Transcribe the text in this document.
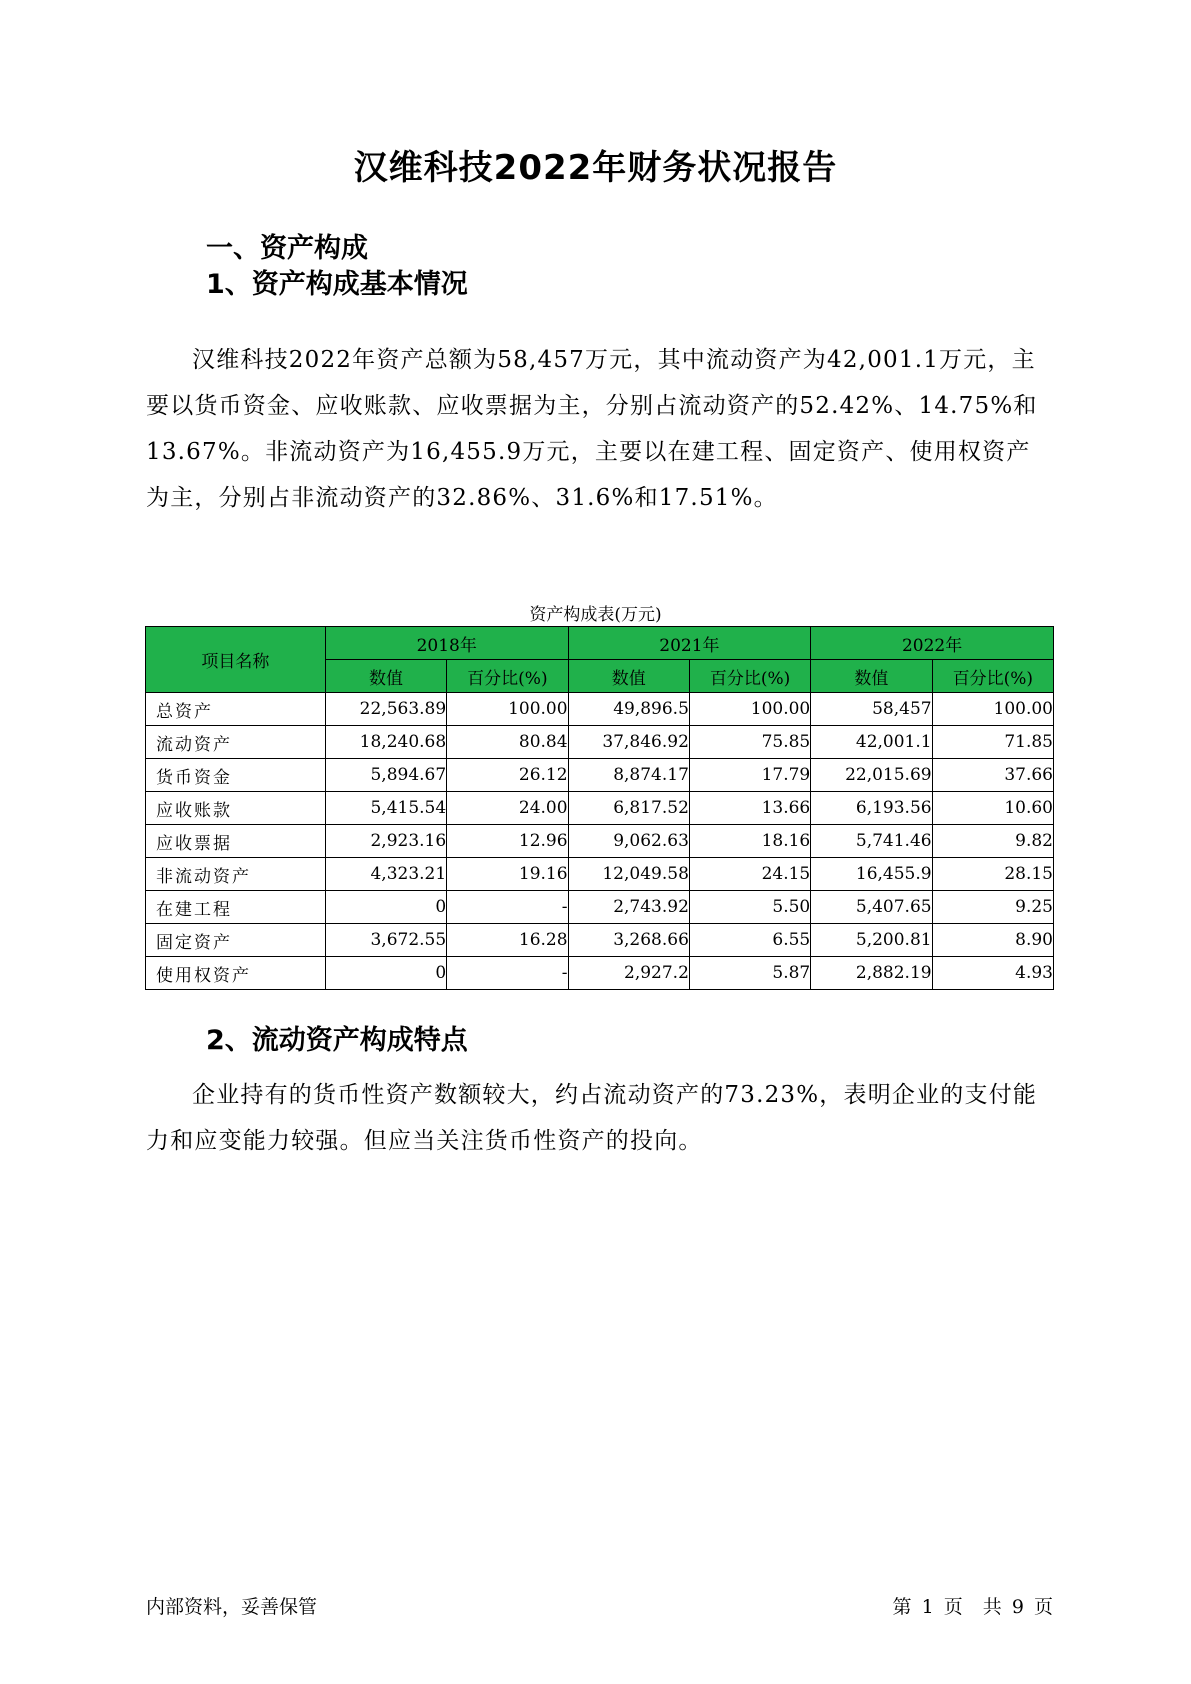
汉维科技2022年财务状况报告
一、资产构成
1、资产构成基本情况
汉维科技2022年资产总额为58,457万元，其中流动资产为42,001.1万元，主要以货币资金、应收账款、应收票据为主，分别占流动资产的52.42%、14.75%和13.67%。非流动资产为16,455.9万元，主要以在建工程、固定资产、使用权资产为主，分别占非流动资产的32.86%、31.6%和17.51%。
资产构成表(万元)
项目名称	2018年		2021年		2022年	
	数值	百分比(%)	数值	百分比(%)	数值	百分比(%)
总资产	22,563.89	100.00	49,896.5	100.00	58,457	100.00
流动资产	18,240.68	80.84	37,846.92	75.85	42,001.1	71.85
货币资金	5,894.67	26.12	8,874.17	17.79	22,015.69	37.66
应收账款	5,415.54	24.00	6,817.52	13.66	6,193.56	10.60
应收票据	2,923.16	12.96	9,062.63	18.16	5,741.46	9.82
非流动资产	4,323.21	19.16	12,049.58	24.15	16,455.9	28.15
在建工程	0	-	2,743.92	5.50	5,407.65	9.25
固定资产	3,672.55	16.28	3,268.66	6.55	5,200.81	8.90
使用权资产	0	-	2,927.2	5.87	2,882.19	4.93
2、流动资产构成特点
企业持有的货币性资产数额较大，约占流动资产的73.23%，表明企业的支付能力和应变能力较强。但应当关注货币性资产的投向。
内部资料，妥善保管	第 1 页 共 9 页
